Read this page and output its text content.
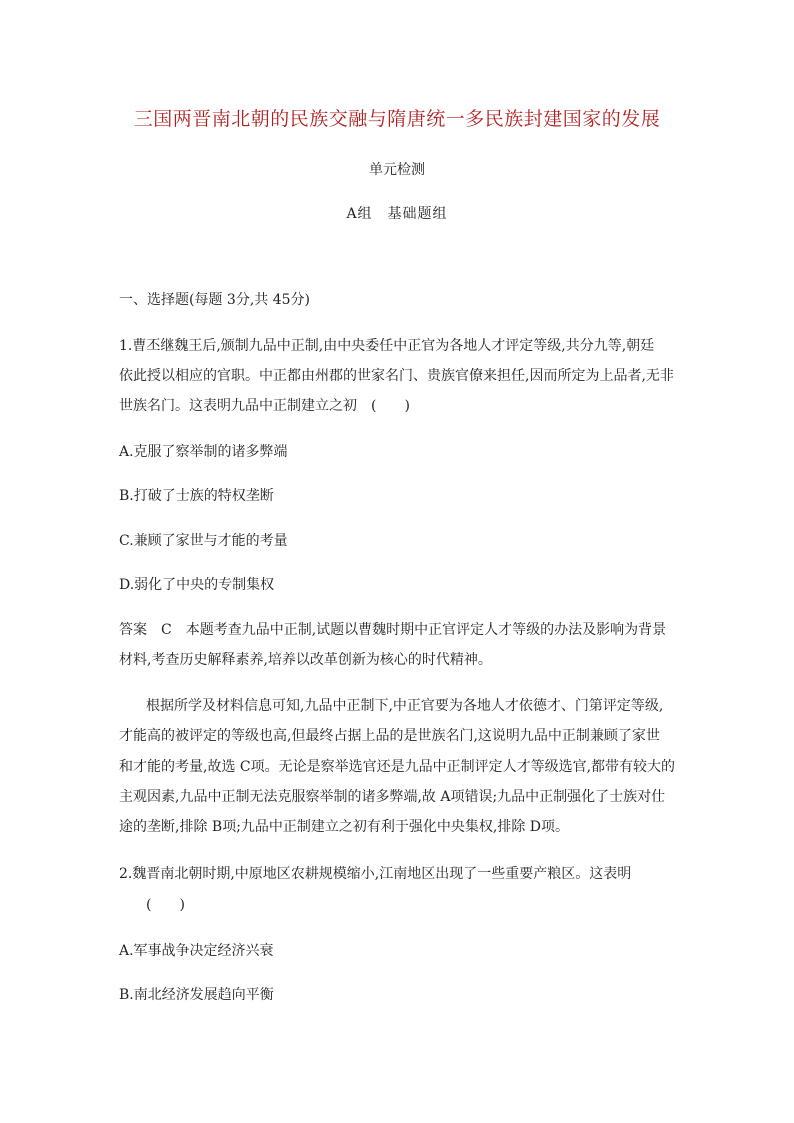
三国两晋南北朝的民族交融与隋唐统一多民族封建国家的发展
单元检测
A组　基础题组
一、选择题(每题 3分,共 45分)
1.曹丕继魏王后,颁制九品中正制,由中央委任中正官为各地人才评定等级,共分九等,朝廷
依此授以相应的官职。中正都由州郡的世家名门、贵族官僚来担任,因而所定为上品者,无非
世族名门。这表明九品中正制建立之初　(　　)
A.克服了察举制的诸多弊端
B.打破了士族的特权垄断
C.兼顾了家世与才能的考量
D.弱化了中央的专制集权
答案　C　本题考查九品中正制,试题以曹魏时期中正官评定人才等级的办法及影响为背景
材料,考查历史解释素养,培养以改革创新为核心的时代精神。
根据所学及材料信息可知,九品中正制下,中正官要为各地人才依德才、门第评定等级,
才能高的被评定的等级也高,但最终占据上品的是世族名门,这说明九品中正制兼顾了家世
和才能的考量,故选 C项。无论是察举选官还是九品中正制评定人才等级选官,都带有较大的
主观因素,九品中正制无法克服察举制的诸多弊端,故 A项错误;九品中正制强化了士族对仕
途的垄断,排除 B项;九品中正制建立之初有利于强化中央集权,排除 D项。
2.魏晋南北朝时期,中原地区农耕规模缩小,江南地区出现了一些重要产粮区。这表明
(　　)
A.军事战争决定经济兴衰
B.南北经济发展趋向平衡
